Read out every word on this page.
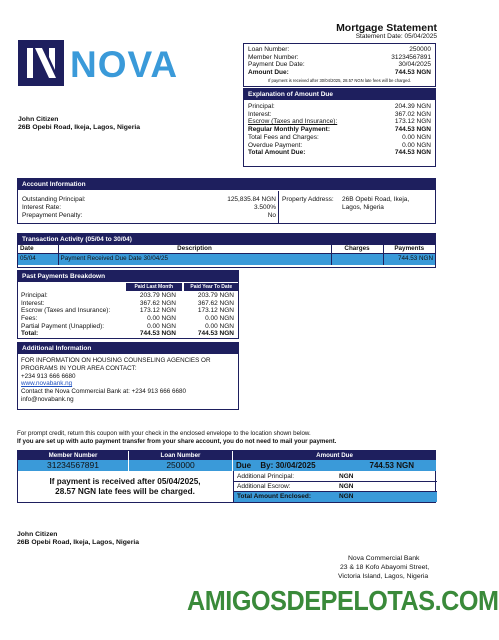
NOVA
Mortgage Statement
Statement Date: 05/04/2025
Loan Number:	250000
Member Number:	31234567891
Payment Due Date:	30/04/2025
Amount Due:	744.53 NGN
If payment is received after 30/04/2025, 28.57 NGN late fees will be charged.
Explanation of Amount Due
Principal:	204.39 NGN
Interest:	367.02 NGN
Escrow (Taxes and Insurance):	173.12 NGN
Regular Monthly Payment:	744.53 NGN
Total Fees and Charges:	0.00 NGN
Overdue Payment:	0.00 NGN
Total Amount Due:	744.53 NGN
John Citizen
26B Opebi Road, Ikeja, Lagos, Nigeria
Account Information
Outstanding Principal:	125,835.84 NGN
Interest Rate:	3.500%
Prepayment Penalty:	No
Property Address: 26B Opebi Road, Ikeja,
Lagos, Nigeria
Transaction Activity (05/04 to 30/04)
Date	Description	Charges	Payments
05/04	Payment Received Due Date 30/04/25		744.53 NGN
Past Payments Breakdown
Paid Last Month	Paid Year To Date
Principal:	203.79 NGN	203.79 NGN
Interest:	367.62 NGN	367.62 NGN
Escrow (Taxes and Insurance):	173.12 NGN	173.12 NGN
Fees:	0.00 NGN	0.00 NGN
Partial Payment (Unapplied):	0.00 NGN	0.00 NGN
Total:	744.53 NGN	744.53 NGN
Additional Information
FOR INFORMATION ON HOUSING COUNSELING AGENCIES OR
PROGRAMS IN YOUR AREA CONTACT:
+234 913 666 6680
www.novabank.ng
Contact the Nova Commercial Bank at: +234 913 666 6680
info@novabank.ng
For prompt credit, return this coupon with your check in the enclosed envelope to the location shown below.
If you are set up with auto payment transfer from your share account, you do not need to mail your payment.
Member Number	Loan Number	Amount Due
31234567891	250000	Due By: 30/04/2025	744.53 NGN
If payment is received after 05/04/2025,
28.57 NGN late fees will be charged.
Additional Principal:	NGN
Additional Escrow:	NGN
Total Amount Enclosed:	NGN
John Citizen
26B Opebi Road, Ikeja, Lagos, Nigeria
Nova Commercial Bank
23 & 18 Kofo Abayomi Street,
Victoria Island, Lagos, Nigeria
AMIGOSDEPELOTAS.COM
